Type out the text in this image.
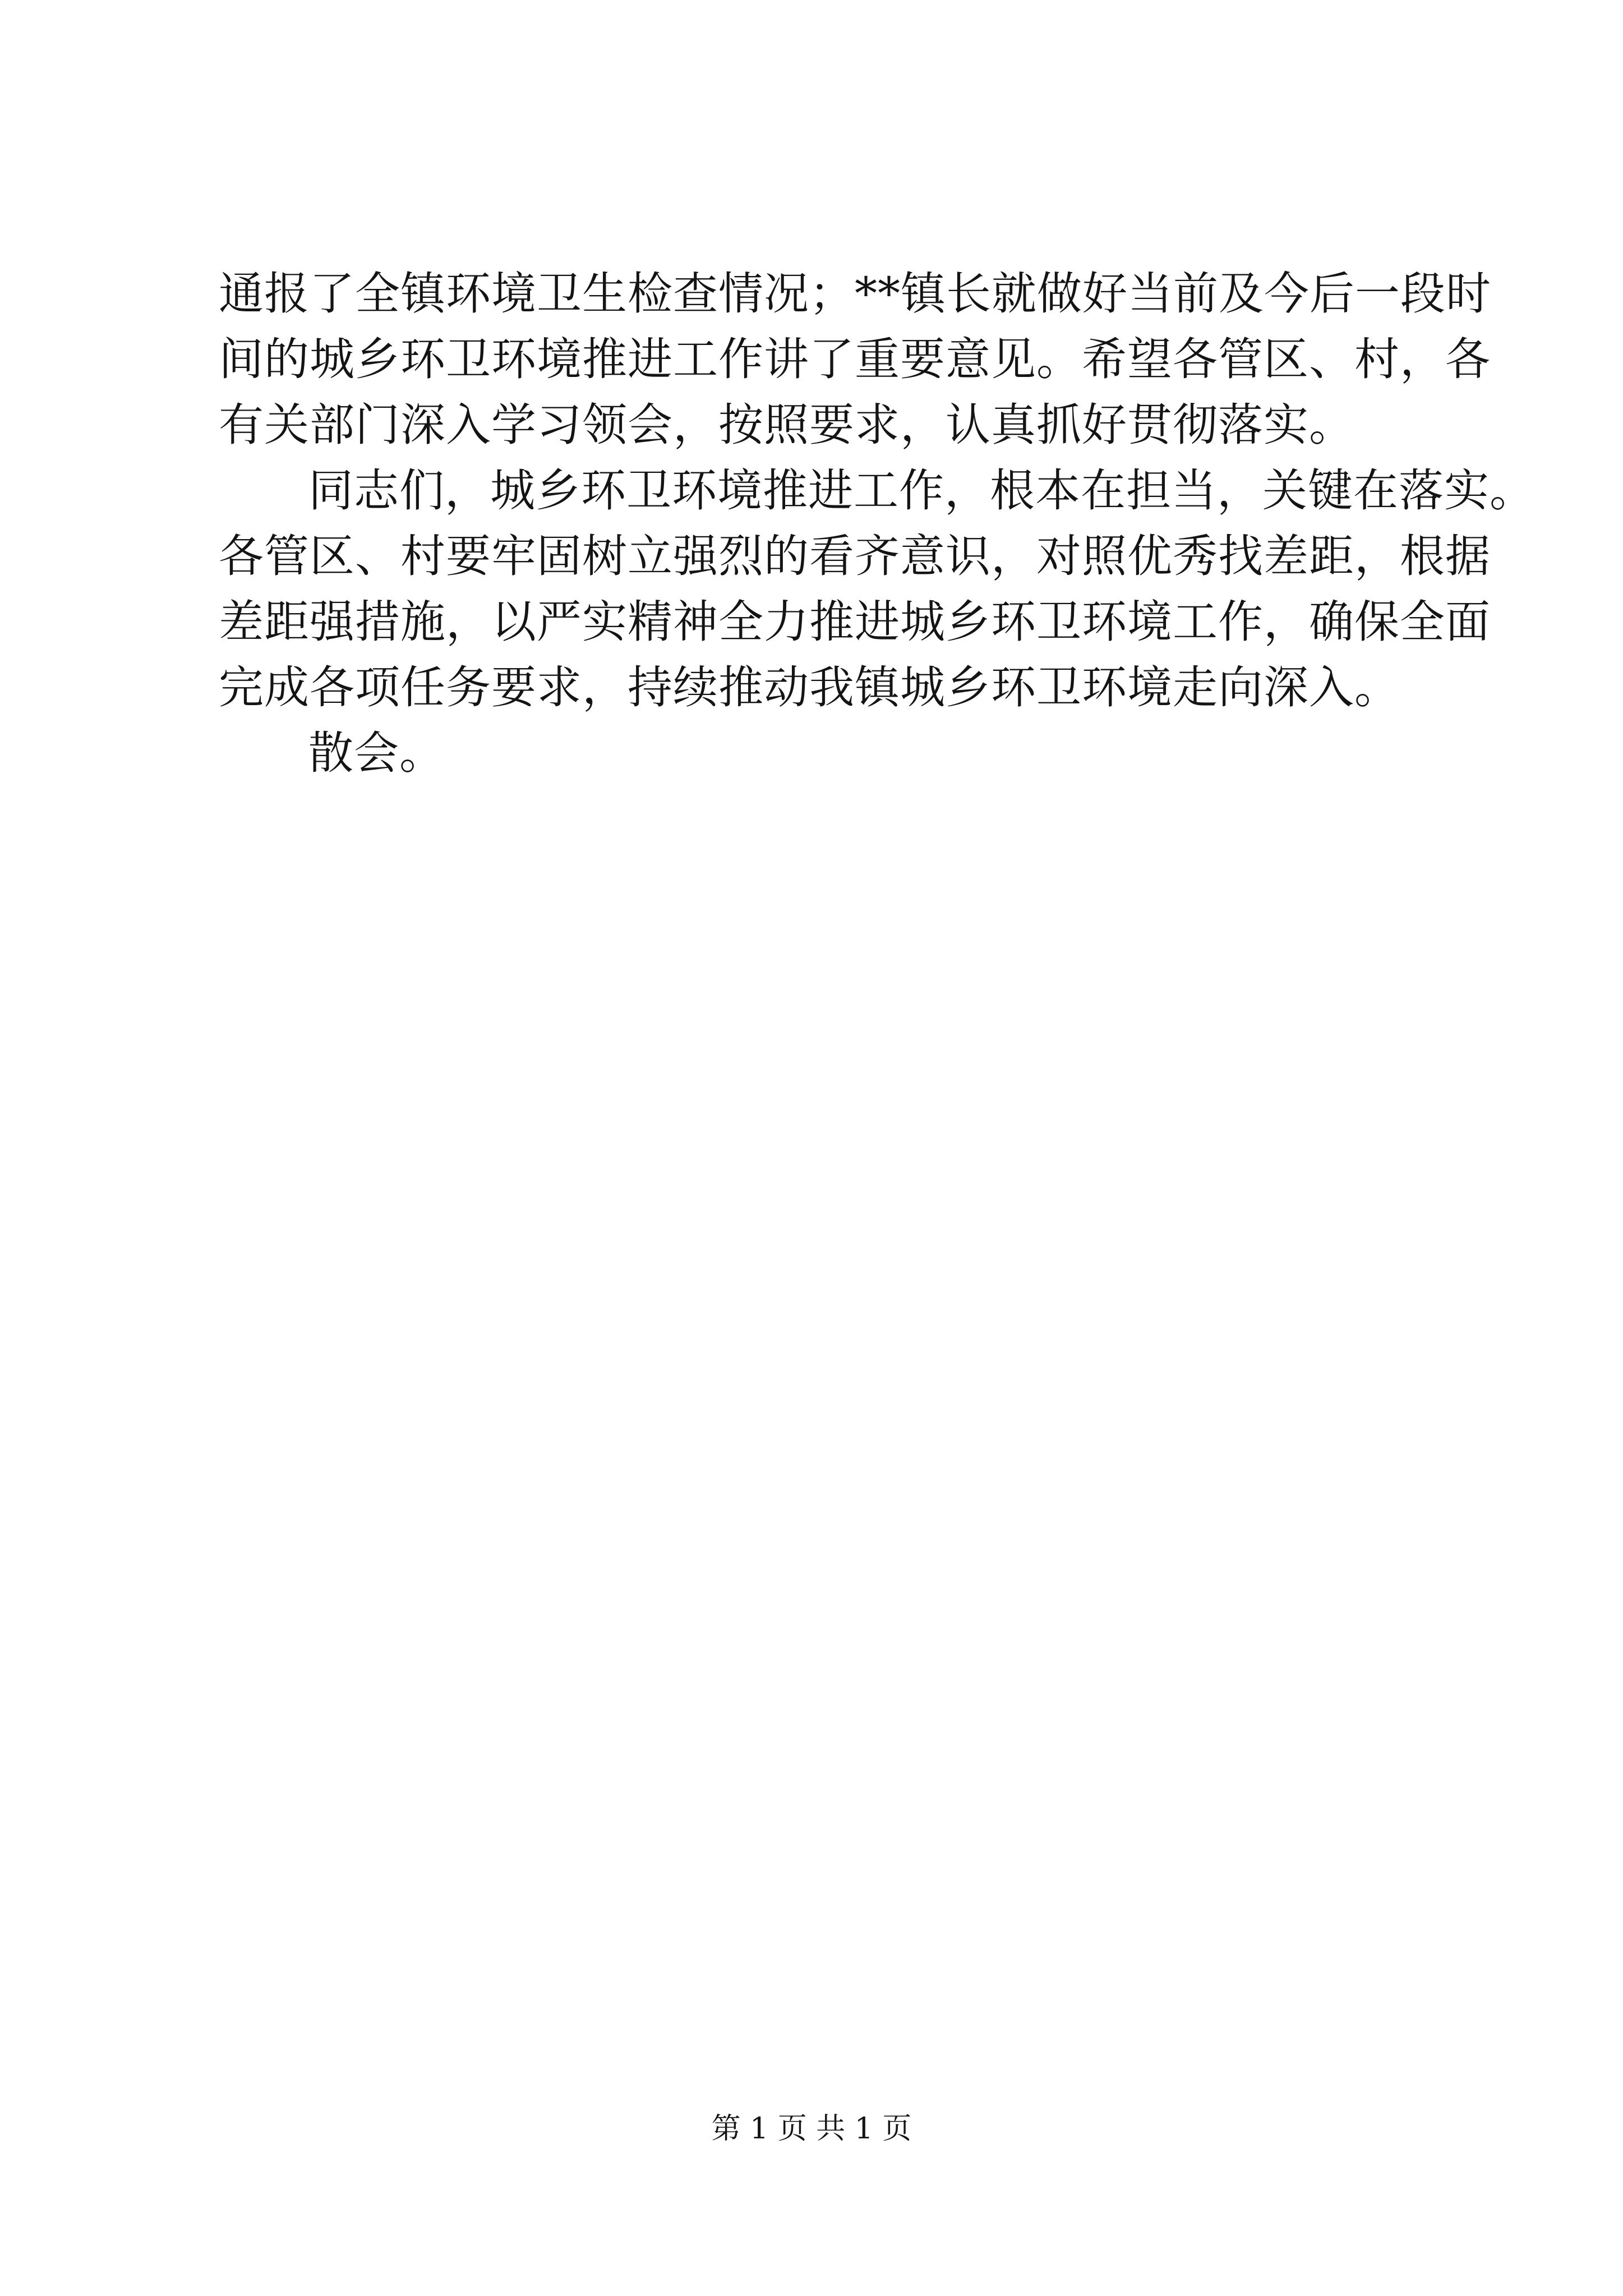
通报了全镇环境卫生检查情况；**镇长就做好当前及今后一段时
间的城乡环卫环境推进工作讲了重要意见。希望各管区、村，各
有关部门深入学习领会，按照要求，认真抓好贯彻落实。
同志们，城乡环卫环境推进工作，根本在担当，关键在落实。
各管区、村要牢固树立强烈的看齐意识，对照优秀找差距，根据
差距强措施，以严实精神全力推进城乡环卫环境工作，确保全面
完成各项任务要求，持续推动我镇城乡环卫环境走向深入。
散会。
第 1 页 共 1 页
